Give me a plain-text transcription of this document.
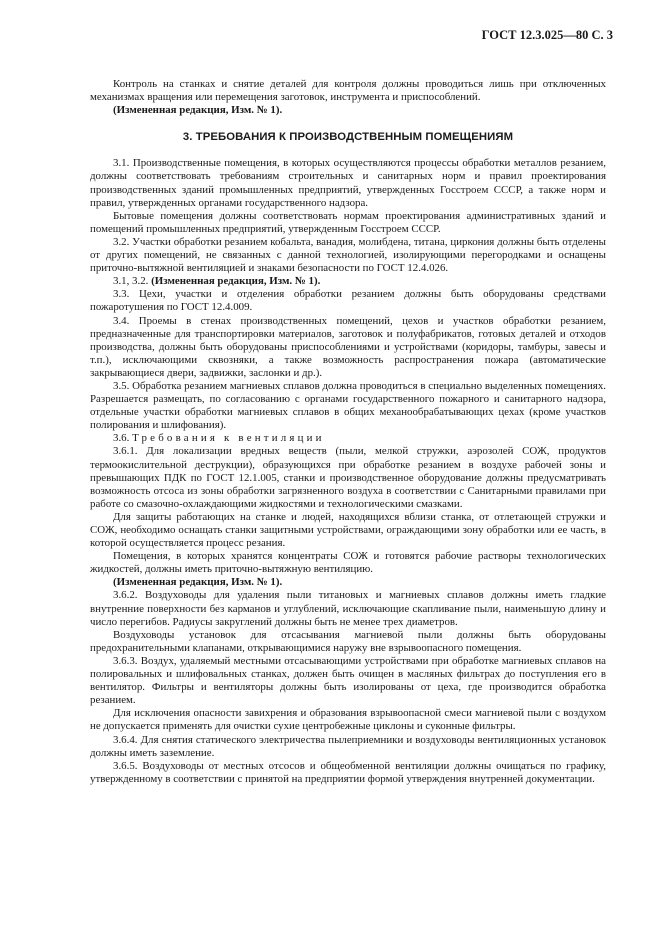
ГОСТ 12.3.025—80 С. 3

Контроль на станках и снятие деталей для контроля должны проводиться лишь при отключенных механизмах вращения или перемещения заготовок, инструмента и приспособлений.

(Измененная редакция, Изм. № 1).

3. ТРЕБОВАНИЯ К ПРОИЗВОДСТВЕННЫМ ПОМЕЩЕНИЯМ

3.1. Производственные помещения, в которых осуществляются процессы обработки металлов резанием, должны соответствовать требованиям строительных и санитарных норм и правил проектирования производственных зданий промышленных предприятий, утвержденных Госстроем СССР, а также норм и правил, утвержденных органами государственного надзора.

Бытовые помещения должны соответствовать нормам проектирования административных зданий и помещений промышленных предприятий, утвержденным Госстроем СССР.

3.2. Участки обработки резанием кобальта, ванадия, молибдена, титана, циркония должны быть отделены от других помещений, не связанных с данной технологией, изолирующими перегородками и оснащены приточно-вытяжной вентиляцией и знаками безопасности по ГОСТ 12.4.026.

3.1, 3.2. (Измененная редакция, Изм. № 1).

3.3. Цехи, участки и отделения обработки резанием должны быть оборудованы средствами пожаротушения по ГОСТ 12.4.009.

3.4. Проемы в стенах производственных помещений, цехов и участков обработки резанием, предназначенные для транспортировки материалов, заготовок и полуфабрикатов, готовых деталей и отходов производства, должны быть оборудованы приспособлениями и устройствами (коридоры, тамбуры, завесы и т.п.), исключающими сквозняки, а также возможность распространения пожара (автоматические закрывающиеся двери, задвижки, заслонки и др.).

3.5. Обработка резанием магниевых сплавов должна проводиться в специально выделенных помещениях. Разрешается размещать, по согласованию с органами государственного пожарного и санитарного надзора, отдельные участки обработки магниевых сплавов в общих механообрабатывающих цехах (кроме участков полирования и шлифования).

3.6. Требования к вентиляции

3.6.1. Для локализации вредных веществ (пыли, мелкой стружки, аэрозолей СОЖ, продуктов термоокислительной деструкции), образующихся при обработке резанием в воздухе рабочей зоны и превышающих ПДК по ГОСТ 12.1.005, станки и производственное оборудование должны предусматривать возможность отсоса из зоны обработки загрязненного воздуха в соответствии с Санитарными правилами при работе со смазочно-охлаждающими жидкостями и технологическими смазками.

Для защиты работающих на станке и людей, находящихся вблизи станка, от отлетающей стружки и СОЖ, необходимо оснащать станки защитными устройствами, ограждающими зону обработки или ее часть, в которой осуществляется процесс резания.

Помещения, в которых хранятся концентраты СОЖ и готовятся рабочие растворы технологических жидкостей, должны иметь приточно-вытяжную вентиляцию.

(Измененная редакция, Изм. № 1).

3.6.2. Воздуховоды для удаления пыли титановых и магниевых сплавов должны иметь гладкие внутренние поверхности без карманов и углублений, исключающие скапливание пыли, наименьшую длину и число перегибов. Радиусы закруглений должны быть не менее трех диаметров.

Воздуховоды установок для отсасывания магниевой пыли должны быть оборудованы предохранительными клапанами, открывающимися наружу вне взрывоопасного помещения.

3.6.3. Воздух, удаляемый местными отсасывающими устройствами при обработке магниевых сплавов на полировальных и шлифовальных станках, должен быть очищен в масляных фильтрах до поступления его в вентилятор. Фильтры и вентиляторы должны быть изолированы от цеха, где производится обработка резанием.

Для исключения опасности завихрения и образования взрывоопасной смеси магниевой пыли с воздухом не допускается применять для очистки сухие центробежные циклоны и суконные фильтры.

3.6.4. Для снятия статического электричества пылеприемники и воздуховоды вентиляционных установок должны иметь заземление.

3.6.5. Воздуховоды от местных отсосов и общеобменной вентиляции должны очищаться по графику, утвержденному в соответствии с принятой на предприятии формой утверждения внутренней документации.
